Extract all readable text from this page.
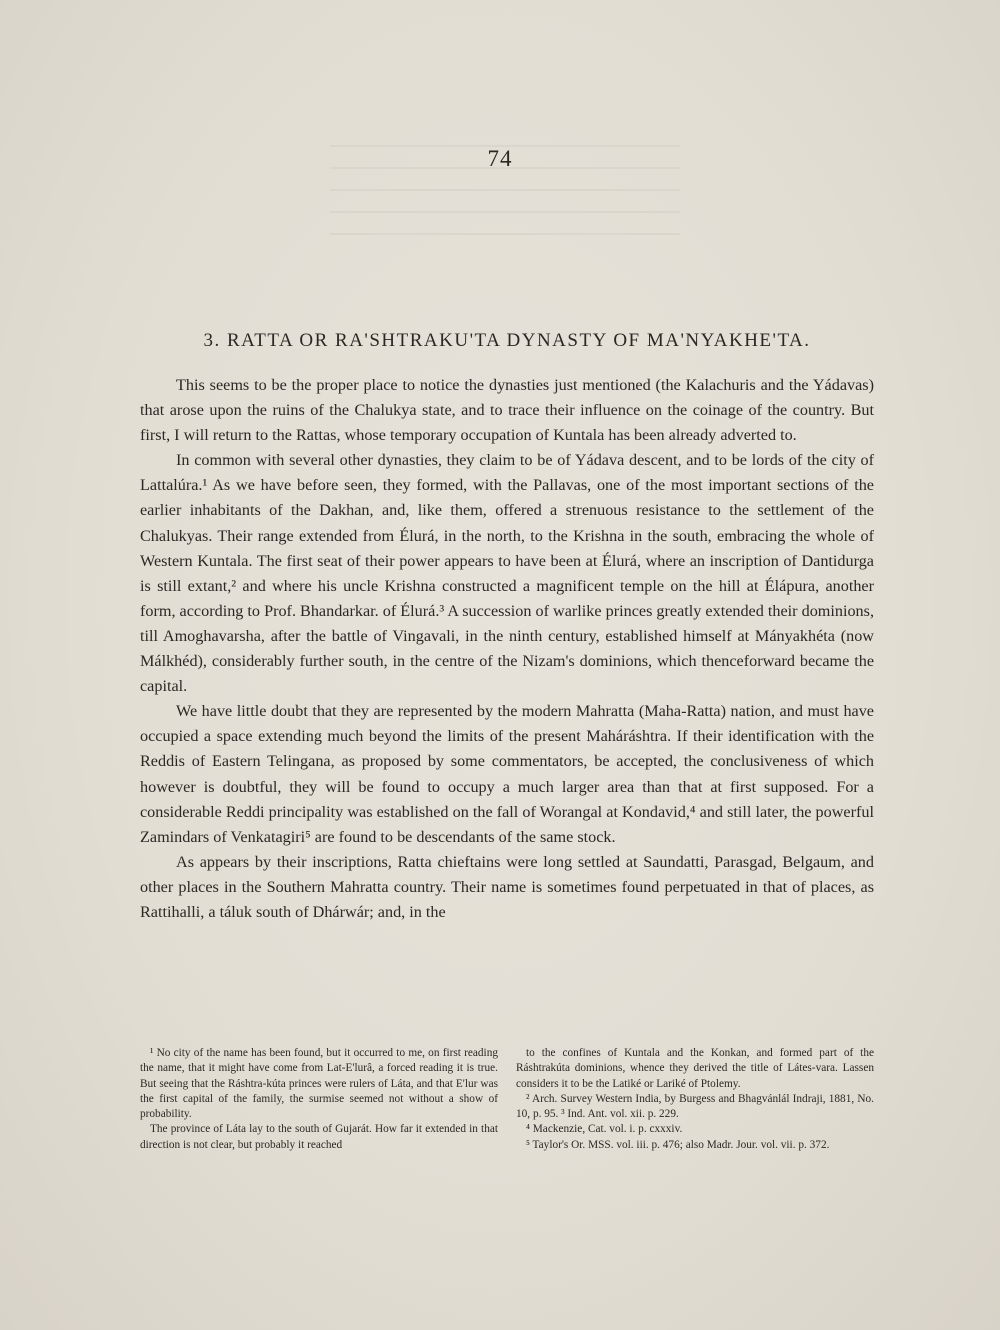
74
3. RATTA OR RA'SHTRAKU'TA DYNASTY OF MA'NYAKHE'TA.

This seems to be the proper place to notice the dynasties just mentioned (the Kalachuris and the Yádavas) that arose upon the ruins of the Chalukya state, and to trace their influence on the coinage of the country. But first, I will return to the Rattas, whose temporary occupation of Kuntala has been already adverted to.

In common with several other dynasties, they claim to be of Yádava descent, and to be lords of the city of Lattalúra.¹ As we have before seen, they formed, with the Pallavas, one of the most important sections of the earlier inhabitants of the Dakhan, and, like them, offered a strenuous resistance to the settlement of the Chalukyas. Their range extended from Élurá, in the north, to the Krishna in the south, embracing the whole of Western Kuntala. The first seat of their power appears to have been at Élurá, where an inscription of Dantidurga is still extant,² and where his uncle Krishna constructed a magnificent temple on the hill at Élápura, another form, according to Prof. Bhandarkar. of Élurá.³ A succession of warlike princes greatly extended their dominions, till Amoghavarsha, after the battle of Vingavali, in the ninth century, established himself at Mányakhéta (now Málkhéd), considerably further south, in the centre of the Nizam's dominions, which thenceforward became the capital.

We have little doubt that they are represented by the modern Mahratta (Maha-Ratta) nation, and must have occupied a space extending much beyond the limits of the present Maháráshtra. If their identification with the Reddis of Eastern Telingana, as proposed by some commentators, be accepted, the conclusiveness of which however is doubtful, they will be found to occupy a much larger area than that at first supposed. For a considerable Reddi principality was established on the fall of Worangal at Kondavid,⁴ and still later, the powerful Zamindars of Venkatagiri⁵ are found to be descendants of the same stock.

As appears by their inscriptions, Ratta chieftains were long settled at Saundatti, Parasgad, Belgaum, and other places in the Southern Mahratta country. Their name is sometimes found perpetuated in that of places, as Rattihalli, a táluk south of Dhárwár; and, in the

¹ No city of the name has been found, but it occurred to me, on first reading the name, that it might have come from Lat-E'lurâ, a forced reading it is true. But seeing that the Ráshtra-kúta princes were rulers of Láta, and that E'lur was the first capital of the family, the surmise seemed not without a show of probability.

The province of Láta lay to the south of Gujarát. How far it extended in that direction is not clear, but probably it reached

to the confines of Kuntala and the Konkan, and formed part of the Ráshtrakúta dominions, whence they derived the title of Látes-vara. Lassen considers it to be the Latiké or Lariké of Ptolemy.

² Arch. Survey Western India, by Burgess and Bhagvánlál Indraji, 1881, No. 10, p. 95. ³ Ind. Ant. vol. xii. p. 229.

⁴ Mackenzie, Cat. vol. i. p. cxxxiv.

⁵ Taylor's Or. MSS. vol. iii. p. 476; also Madr. Jour. vol. vii. p. 372.
